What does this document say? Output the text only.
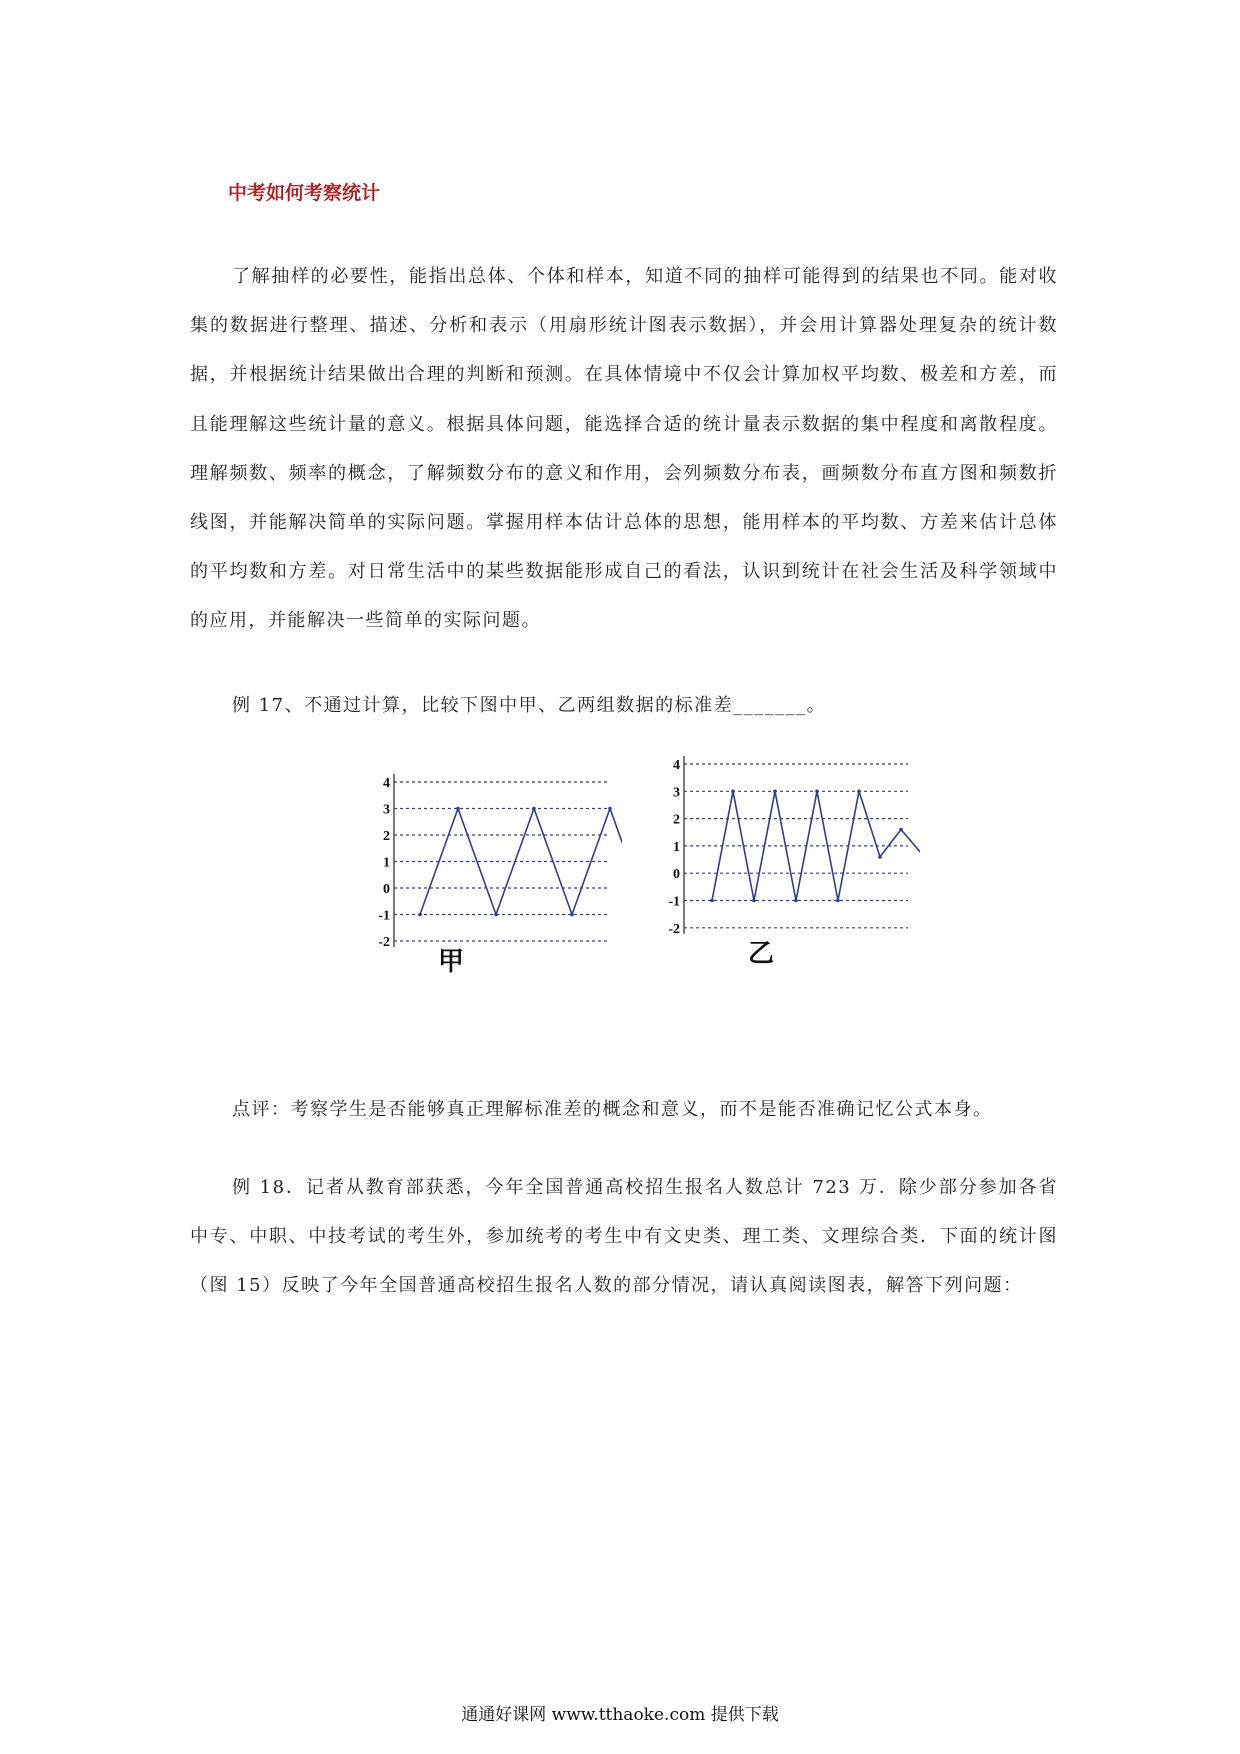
中考如何考察统计

了解抽样的必要性，能指出总体、个体和样本，知道不同的抽样可能得到的结果也不同。能对收集的数据进行整理、描述、分析和表示（用扇形统计图表示数据），并会用计算器处理复杂的统计数据，并根据统计结果做出合理的判断和预测。在具体情境中不仅会计算加权平均数、极差和方差，而且能理解这些统计量的意义。根据具体问题，能选择合适的统计量表示数据的集中程度和离散程度。理解频数、频率的概念，了解频数分布的意义和作用，会列频数分布表，画频数分布直方图和频数折线图，并能解决简单的实际问题。掌握用样本估计总体的思想，能用样本的平均数、方差来估计总体的平均数和方差。对日常生活中的某些数据能形成自己的看法，认识到统计在社会生活及科学领域中的应用，并能解决一些简单的实际问题。

例 17、不通过计算，比较下图中甲、乙两组数据的标准差_______。

4
3
2
1
0
-1
-2
甲
4
3
2
1
0
-1
-2
乙

点评：考察学生是否能够真正理解标准差的概念和意义，而不是能否准确记忆公式本身。

例 18．记者从教育部获悉，今年全国普通高校招生报名人数总计 723 万．除少部分参加各省中专、中职、中技考试的考生外，参加统考的考生中有文史类、理工类、文理综合类．下面的统计图（图 15）反映了今年全国普通高校招生报名人数的部分情况，请认真阅读图表，解答下列问题：

通通好课网 www.tthaoke.com 提供下载
